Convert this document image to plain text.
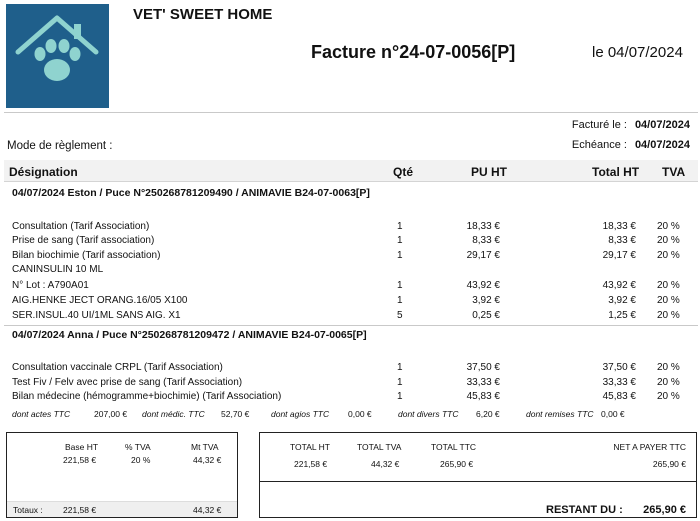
VET' SWEET HOME
Facture n°24-07-0056[P]	le 04/07/2024
Facturé le : 04/07/2024
Echéance : 04/07/2024
Mode de règlement :
Désignation	Qté	PU HT	Total HT TVA
04/07/2024 Eston / Puce N°250268781209490 / ANIMAVIE B24-07-0063[P]
Consultation (Tarif Association)	1	18,33 €	18,33 € 20 %
Prise de sang (Tarif association)	1	8,33 €	8,33 € 20 %
Bilan biochimie (Tarif association)	1	29,17 €	29,17 € 20 %
CANINSULIN 10 ML
N° Lot : A790A01	1	43,92 €	43,92 € 20 %
AIG.HENKE JECT ORANG.16/05 X100	1	3,92 €	3,92 € 20 %
SER.INSUL.40 UI/1ML SANS AIG. X1	5	0,25 €	1,25 € 20 %
04/07/2024 Anna / Puce N°250268781209472 / ANIMAVIE B24-07-0065[P]
Consultation vaccinale CRPL (Tarif Association)	1	37,50 €	37,50 € 20 %
Test Fiv / Felv avec prise de sang (Tarif Association)	1	33,33 €	33,33 € 20 %
Bilan médecine (hémogramme+biochimie) (Tarif Association)	1	45,83 €	45,83 € 20 %
dont actes TTC	207,00 € dont médic. TTC 52,70 €	dont agios TTC 0,00 €	dont divers TTC 6,20 €	dont remises TTC 0,00 €
Base HT	% TVA	Mt TVA
221,58 €	20 %	44,32 €
Totaux : 221,58 €	44,32 €
TOTAL HT	TOTAL TVA	TOTAL TTC	NET A PAYER TTC
221,58 €	44,32 €	265,90 €	265,90 €
RESTANT DU : 265,90 €
